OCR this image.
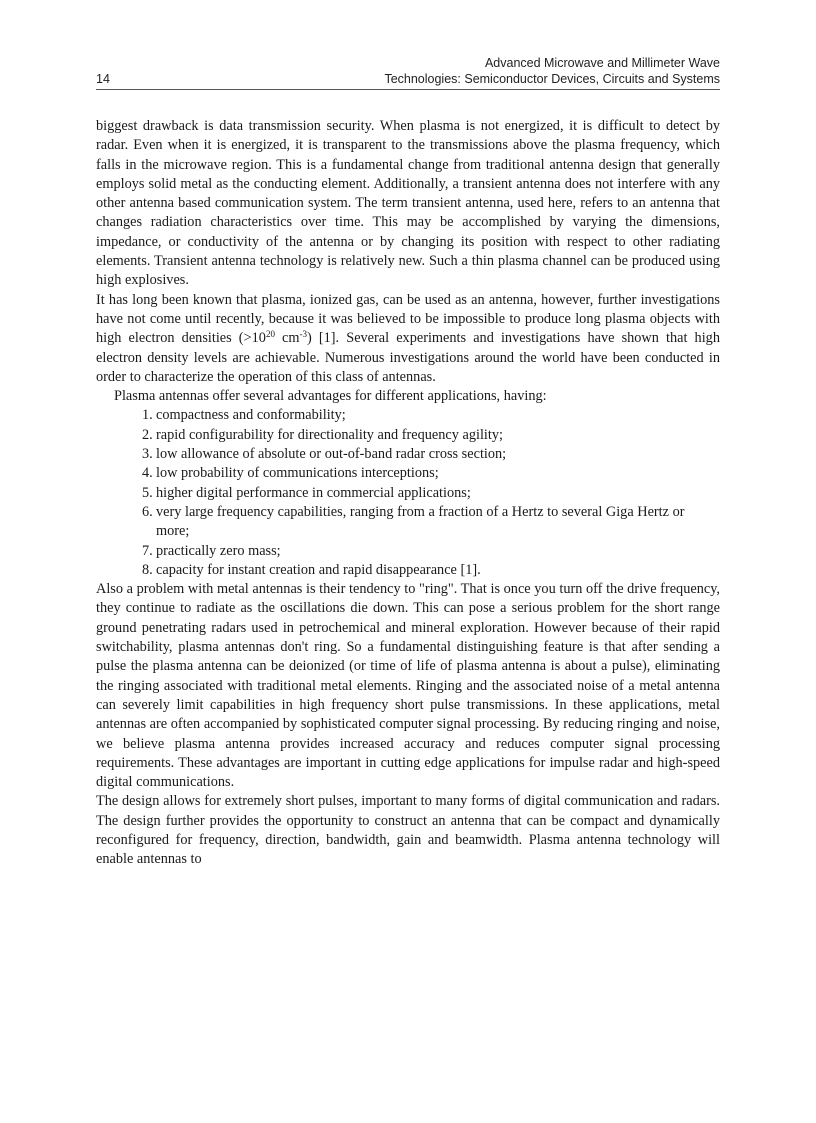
Advanced Microwave and Millimeter Wave
14	Technologies: Semiconductor Devices, Circuits and Systems

biggest drawback is data transmission security. When plasma is not energized, it is difficult to detect by radar. Even when it is energized, it is transparent to the transmissions above the plasma frequency, which falls in the microwave region. This is a fundamental change from traditional antenna design that generally employs solid metal as the conducting element. Additionally, a transient antenna does not interfere with any other antenna based communication system. The term transient antenna, used here, refers to an antenna that changes radiation characteristics over time. This may be accomplished by varying the dimensions, impedance, or conductivity of the antenna or by changing its position with respect to other radiating elements. Transient antenna technology is relatively new. Such a thin plasma channel can be produced using high explosives.

It has long been known that plasma, ionized gas, can be used as an antenna, however, further investigations have not come until recently, because it was believed to be impossible to produce long plasma objects with high electron densities ($>10^{20}$ $cm^{-3}$) [1]. Several experiments and investigations have shown that high electron density levels are achievable. Numerous investigations around the world have been conducted in order to characterize the operation of this class of antennas.

Plasma antennas offer several advantages for different applications, having:

1. compactness and conformability;
2. rapid configurability for directionality and frequency agility;
3. low allowance of absolute or out-of-band radar cross section;
4. low probability of communications interceptions;
5. higher digital performance in commercial applications;
6. very large frequency capabilities, ranging from a fraction of a Hertz to several Giga Hertz or more;
7. practically zero mass;
8. capacity for instant creation and rapid disappearance [1].

Also a problem with metal antennas is their tendency to "ring". That is once you turn off the drive frequency, they continue to radiate as the oscillations die down. This can pose a serious problem for the short range ground penetrating radars used in petrochemical and mineral exploration. However because of their rapid switchability, plasma antennas don't ring. So a fundamental distinguishing feature is that after sending a pulse the plasma antenna can be deionized (or time of life of plasma antenna is about a pulse), eliminating the ringing associated with traditional metal elements. Ringing and the associated noise of a metal antenna can severely limit capabilities in high frequency short pulse transmissions. In these applications, metal antennas are often accompanied by sophisticated computer signal processing. By reducing ringing and noise, we believe plasma antenna provides increased accuracy and reduces computer signal processing requirements. These advantages are important in cutting edge applications for impulse radar and high-speed digital communications.

The design allows for extremely short pulses, important to many forms of digital communication and radars. The design further provides the opportunity to construct an antenna that can be compact and dynamically reconfigured for frequency, direction, bandwidth, gain and beamwidth. Plasma antenna technology will enable antennas to
